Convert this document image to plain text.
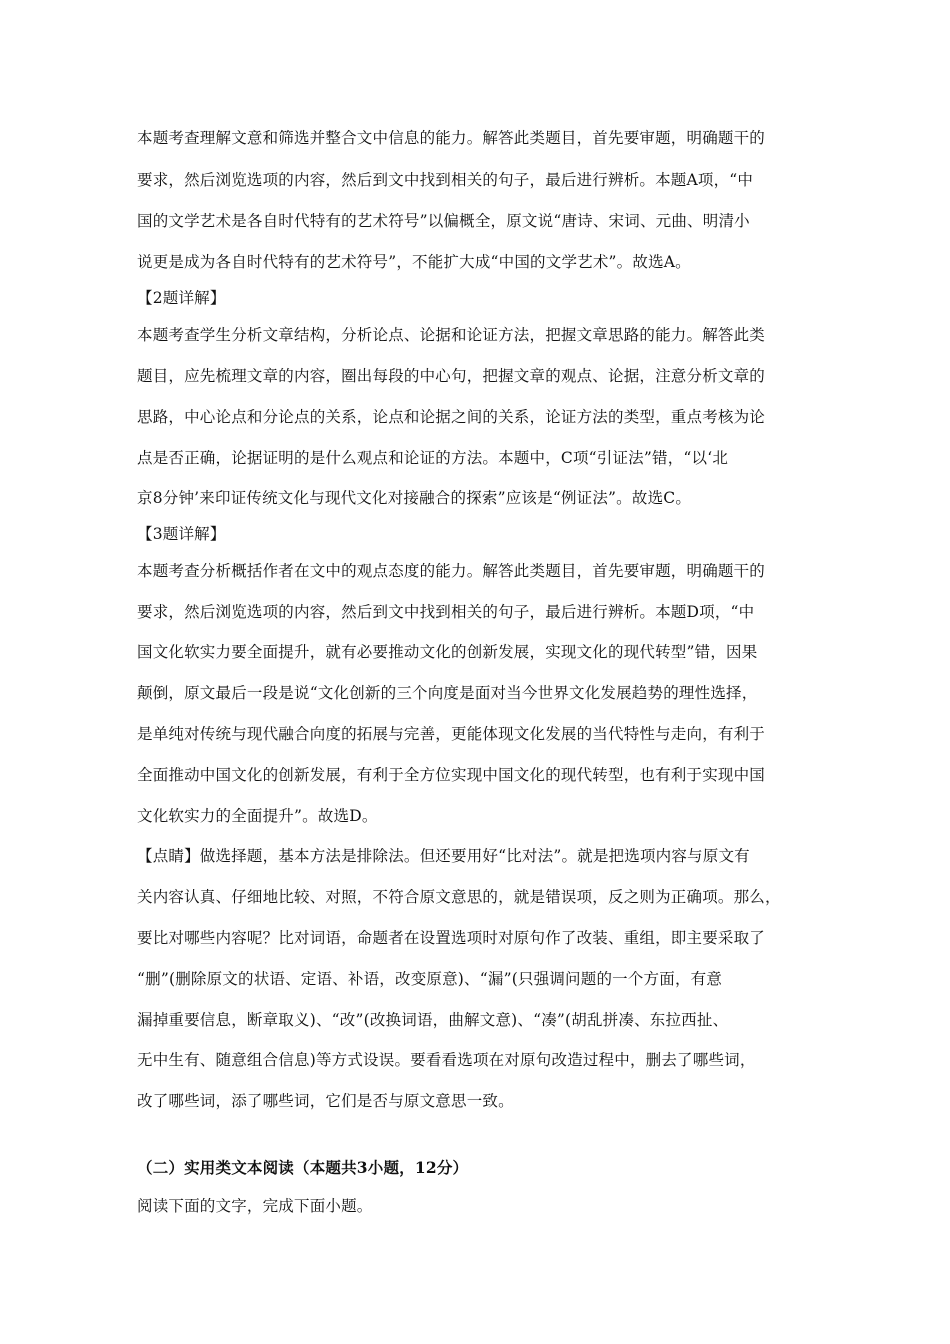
本题考查理解文意和筛选并整合文中信息的能力。解答此类题目，首先要审题，明确题干的
要求，然后浏览选项的内容，然后到文中找到相关的句子，最后进行辨析。本题A项，“中
国的文学艺术是各自时代特有的艺术符号”以偏概全，原文说“唐诗、宋词、元曲、明清小
说更是成为各自时代特有的艺术符号”，不能扩大成“中国的文学艺术”。故选A。
【2题详解】
本题考查学生分析文章结构，分析论点、论据和论证方法，把握文章思路的能力。解答此类
题目，应先梳理文章的内容，圈出每段的中心句，把握文章的观点、论据，注意分析文章的
思路，中心论点和分论点的关系，论点和论据之间的关系，论证方法的类型，重点考核为论
点是否正确，论据证明的是什么观点和论证的方法。本题中，C项“引证法”错，“以‘北
京8分钟’来印证传统文化与现代文化对接融合的探索”应该是“例证法”。故选C。
【3题详解】
本题考查分析概括作者在文中的观点态度的能力。解答此类题目，首先要审题，明确题干的
要求，然后浏览选项的内容，然后到文中找到相关的句子，最后进行辨析。本题D项，“中
国文化软实力要全面提升，就有必要推动文化的创新发展，实现文化的现代转型”错，因果
颠倒，原文最后一段是说“文化创新的三个向度是面对当今世界文化发展趋势的理性选择，
是单纯对传统与现代融合向度的拓展与完善，更能体现文化发展的当代特性与走向，有利于
全面推动中国文化的创新发展，有利于全方位实现中国文化的现代转型，也有利于实现中国
文化软实力的全面提升”。故选D。
【点睛】做选择题，基本方法是排除法。但还要用好“比对法”。就是把选项内容与原文有
关内容认真、仔细地比较、对照，不符合原文意思的，就是错误项，反之则为正确项。那么，
要比对哪些内容呢？比对词语，命题者在设置选项时对原句作了改装、重组，即主要采取了
“删”(删除原文的状语、定语、补语，改变原意)、“漏”(只强调问题的一个方面，有意
漏掉重要信息，断章取义)、“改”(改换词语，曲解文意)、“凑”(胡乱拼凑、东拉西扯、
无中生有、随意组合信息)等方式设误。要看看选项在对原句改造过程中，删去了哪些词，
改了哪些词，添了哪些词，它们是否与原文意思一致。
（二）实用类文本阅读（本题共3小题，12分）
阅读下面的文字，完成下面小题。
